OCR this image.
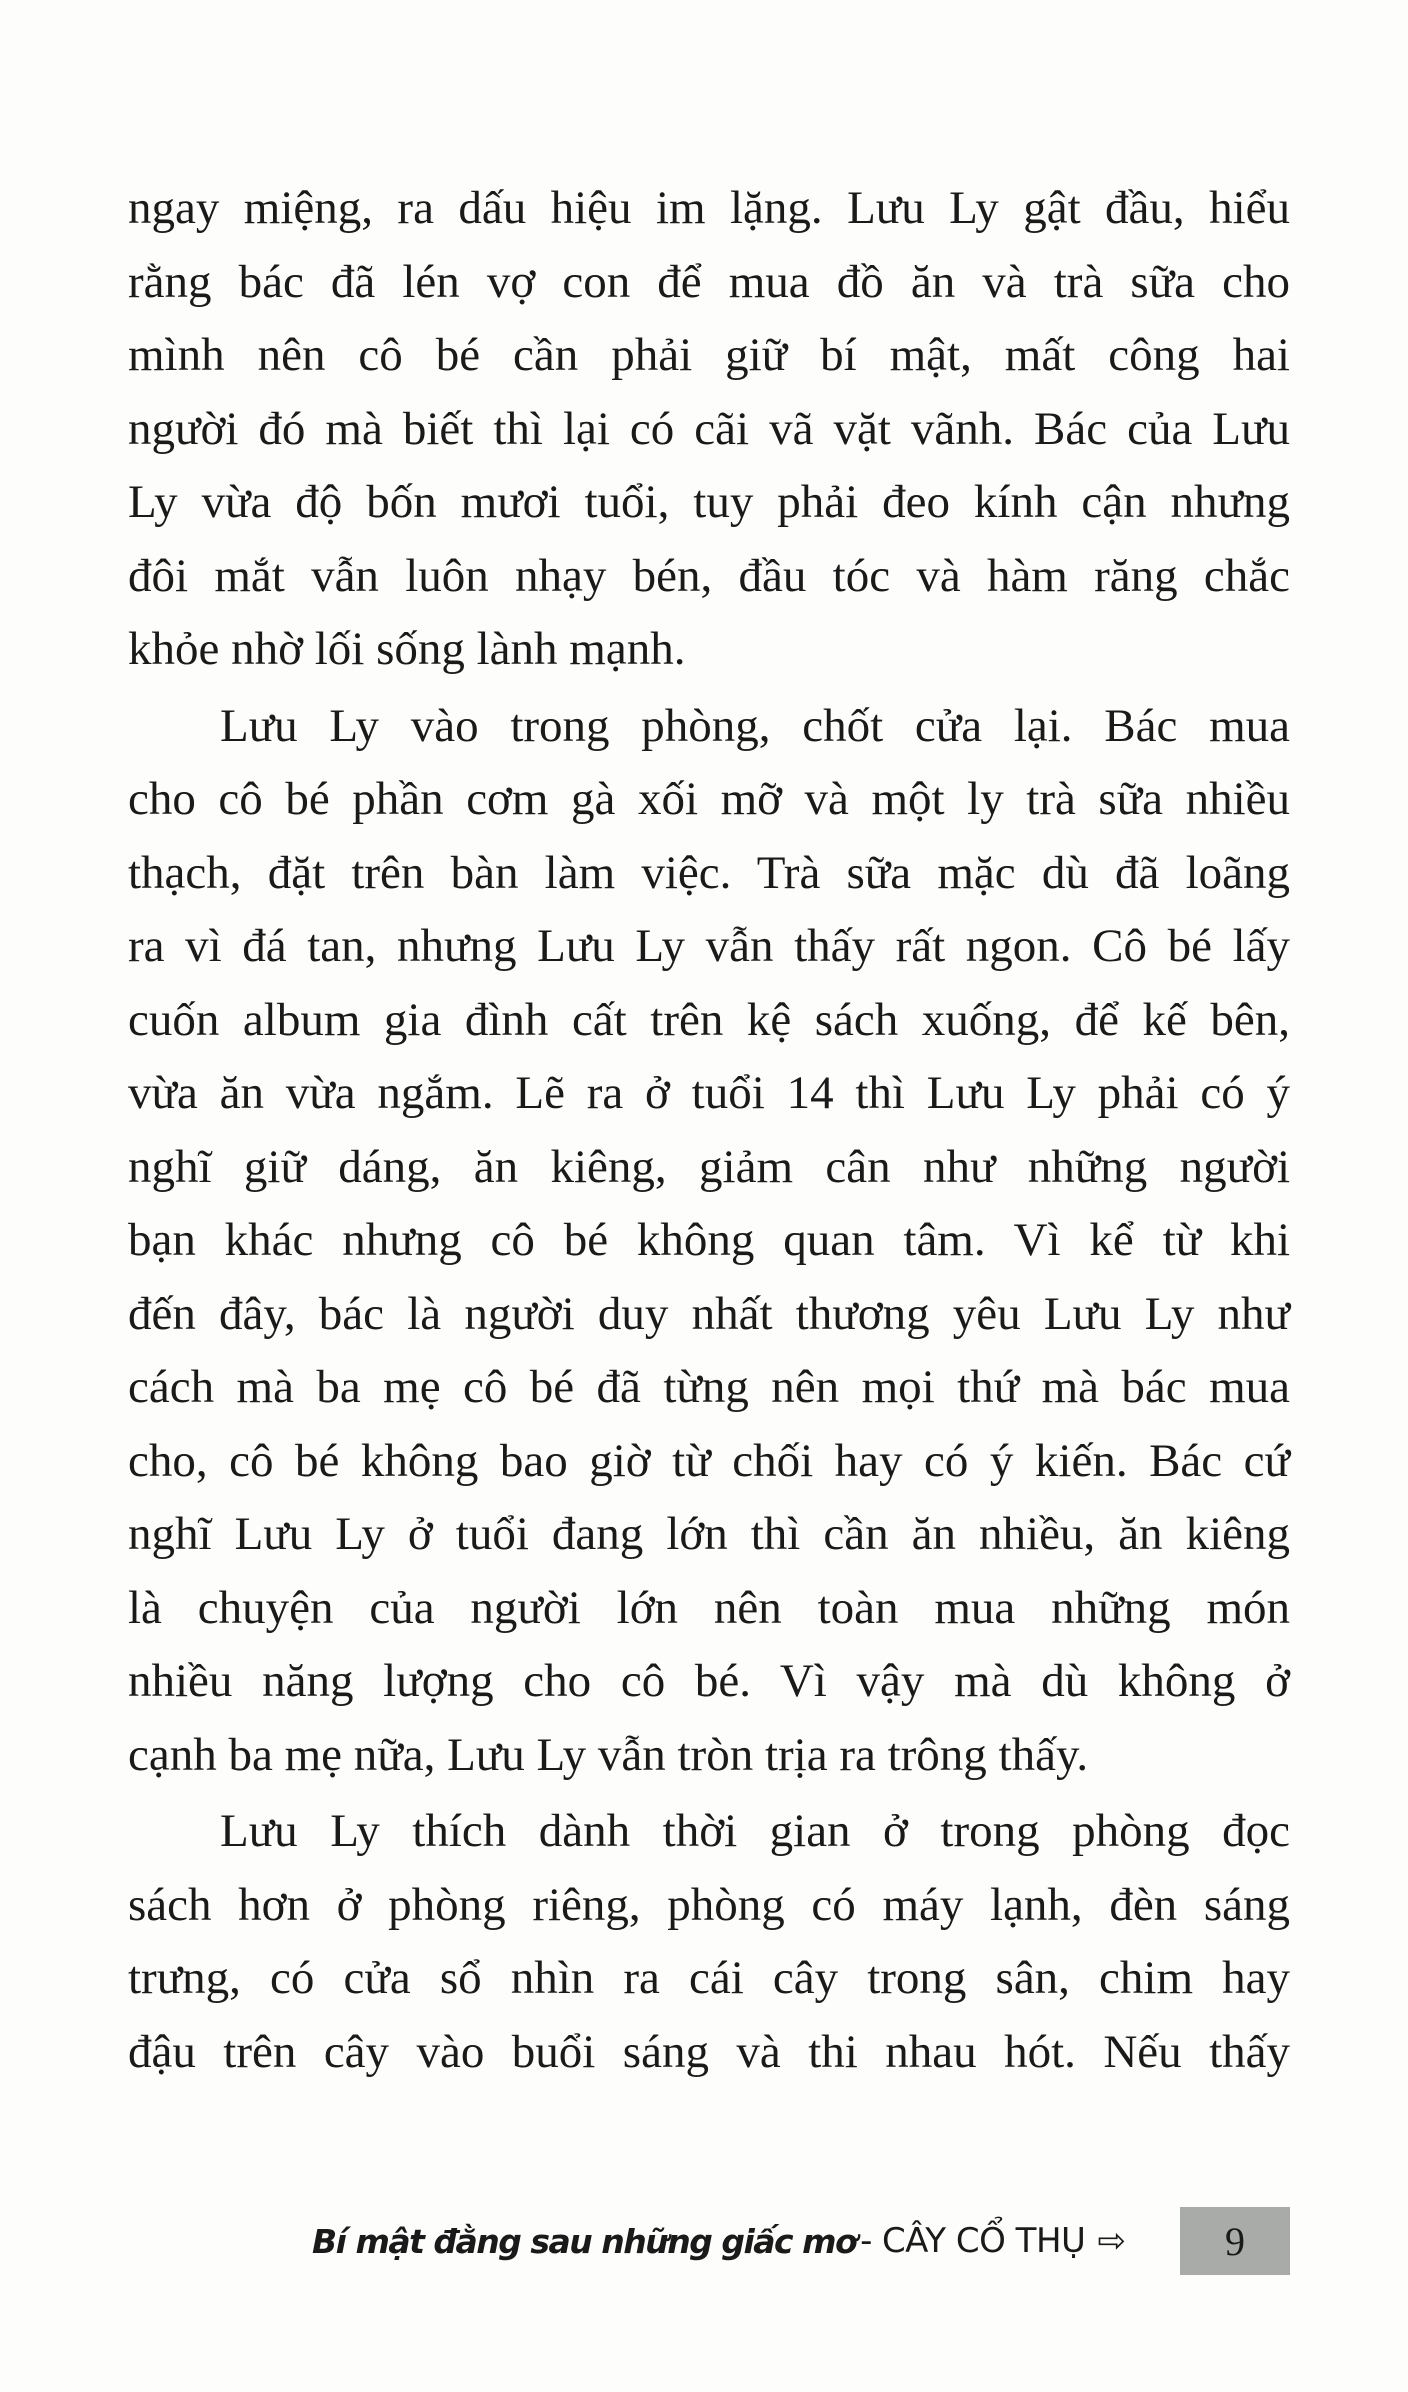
ngay miệng, ra dấu hiệu im lặng. Lưu Ly gật đầu, hiểu
rằng bác đã lén vợ con để mua đồ ăn và trà sữa cho
mình nên cô bé cần phải giữ bí mật, mất công hai
người đó mà biết thì lại có cãi vã vặt vãnh. Bác của Lưu
Ly vừa độ bốn mươi tuổi, tuy phải đeo kính cận nhưng
đôi mắt vẫn luôn nhạy bén, đầu tóc và hàm răng chắc
khỏe nhờ lối sống lành mạnh.
Lưu Ly vào trong phòng, chốt cửa lại. Bác mua
cho cô bé phần cơm gà xối mỡ và một ly trà sữa nhiều
thạch, đặt trên bàn làm việc. Trà sữa mặc dù đã loãng
ra vì đá tan, nhưng Lưu Ly vẫn thấy rất ngon. Cô bé lấy
cuốn album gia đình cất trên kệ sách xuống, để kế bên,
vừa ăn vừa ngắm. Lẽ ra ở tuổi 14 thì Lưu Ly phải có ý
nghĩ giữ dáng, ăn kiêng, giảm cân như những người
bạn khác nhưng cô bé không quan tâm. Vì kể từ khi
đến đây, bác là người duy nhất thương yêu Lưu Ly như
cách mà ba mẹ cô bé đã từng nên mọi thứ mà bác mua
cho, cô bé không bao giờ từ chối hay có ý kiến. Bác cứ
nghĩ Lưu Ly ở tuổi đang lớn thì cần ăn nhiều, ăn kiêng
là chuyện của người lớn nên toàn mua những món
nhiều năng lượng cho cô bé. Vì vậy mà dù không ở
cạnh ba mẹ nữa, Lưu Ly vẫn tròn trịa ra trông thấy.
Lưu Ly thích dành thời gian ở trong phòng đọc
sách hơn ở phòng riêng, phòng có máy lạnh, đèn sáng
trưng, có cửa sổ nhìn ra cái cây trong sân, chim hay
đậu trên cây vào buổi sáng và thi nhau hót. Nếu thấy
Bí mật đằng sau những giấc mơ - CÂY CỔ THỤ ⇨	9
